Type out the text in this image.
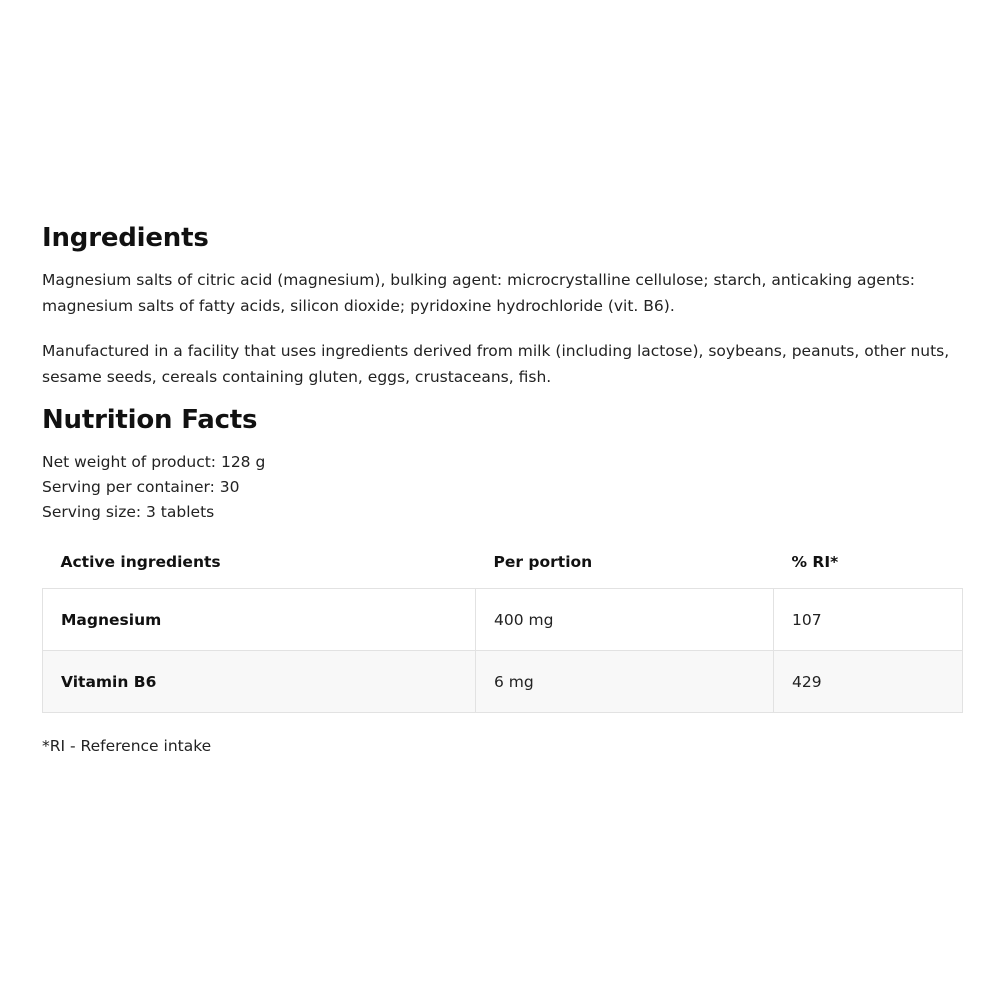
Ingredients

Magnesium salts of citric acid (magnesium), bulking agent: microcrystalline cellulose; starch, anticaking agents: magnesium salts of fatty acids, silicon dioxide; pyridoxine hydrochloride (vit. B6).

Manufactured in a facility that uses ingredients derived from milk (including lactose), soybeans, peanuts, other nuts, sesame seeds, cereals containing gluten, eggs, crustaceans, fish.

Nutrition Facts
Net weight of product: 128 g
Serving per container: 30
Serving size: 3 tablets
Active ingredients	Per portion	% RI*
Magnesium	400 mg	107
Vitamin B6	6 mg	429
*RI - Reference intake
